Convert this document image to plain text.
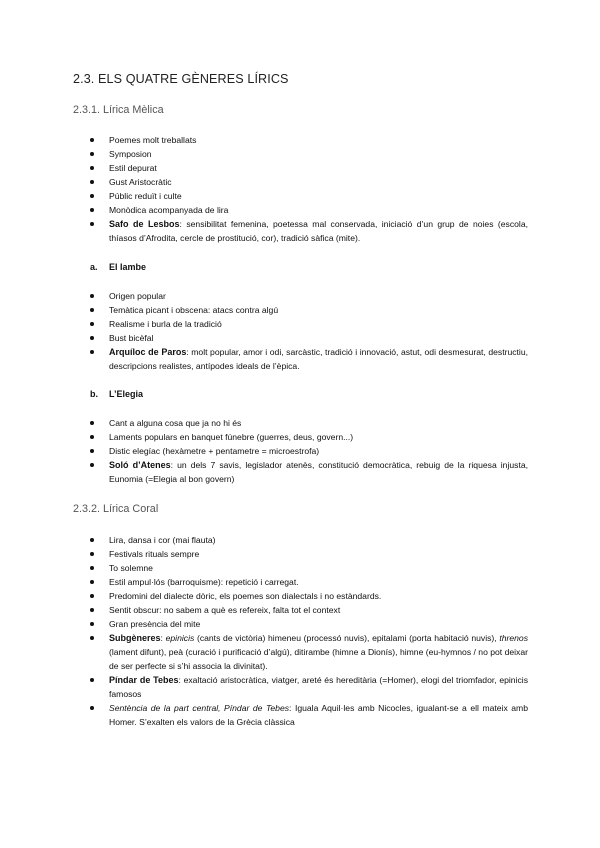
2.3. ELS QUATRE GÈNERES LÍRICS
2.3.1. Lírica Mèlica
Poemes molt treballats
Symposion
Estil depurat
Gust Aristocràtic
Públic reduït i culte
Monòdica acompanyada de lira
Safo de Lesbos: sensibilitat femenina, poetessa mal conservada, iniciació d’un grup de noies (escola, thíasos d’Afrodita, cercle de prostitució, cor), tradició sàfica (mite).
a. El Iambe
Origen popular
Temàtica picant i obscena: atacs contra algú
Realisme i burla de la tradició
Bust bicèfal
Arquíloc de Paros: molt popular, amor i odi, sarcàstic, tradició i innovació, astut, odi desmesurat, destructiu, descripcions realistes, antípodes ideals de l’èpica.
b. L’Elegia
Cant a alguna cosa que ja no hi és
Laments populars en banquet fúnebre (guerres, deus, govern...)
Distic elegíac (hexàmetre + pentametre = microestrofa)
Soló d’Atenes: un dels 7 savis, legislador atenès, constitució democràtica, rebuig de la riquesa injusta, Eunomia (=Elegia al bon govern)
2.3.2. Lírica Coral
Lira, dansa i cor (mai flauta)
Festivals rituals sempre
To solemne
Estil ampul·lós (barroquisme): repetició i carregat.
Predomini del dialecte dòric, els poemes son dialectals i no estàndards.
Sentit obscur: no sabem a què es refereix, falta tot el context
Gran presència del mite
Subgèneres: epinicis (cants de victòria) himeneu (processó nuvis), epitalami (porta habitació nuvis), threnos (lament difunt), peà (curació i purificació d’algú), ditirambe (himne a Dionís), himne (eu-hymnos / no pot deixar de ser perfecte si s’hi associa la divinitat).
Píndar de Tebes: exaltació aristocràtica, viatger, areté és hereditària (=Homer), elogi del triomfador, epinicis famosos
Sentència de la part central, Píndar de Tebes: Iguala Aquil·les amb Nicocles, igualant-se a ell mateix amb Homer. S’exalten els valors de la Grècia clàssica
